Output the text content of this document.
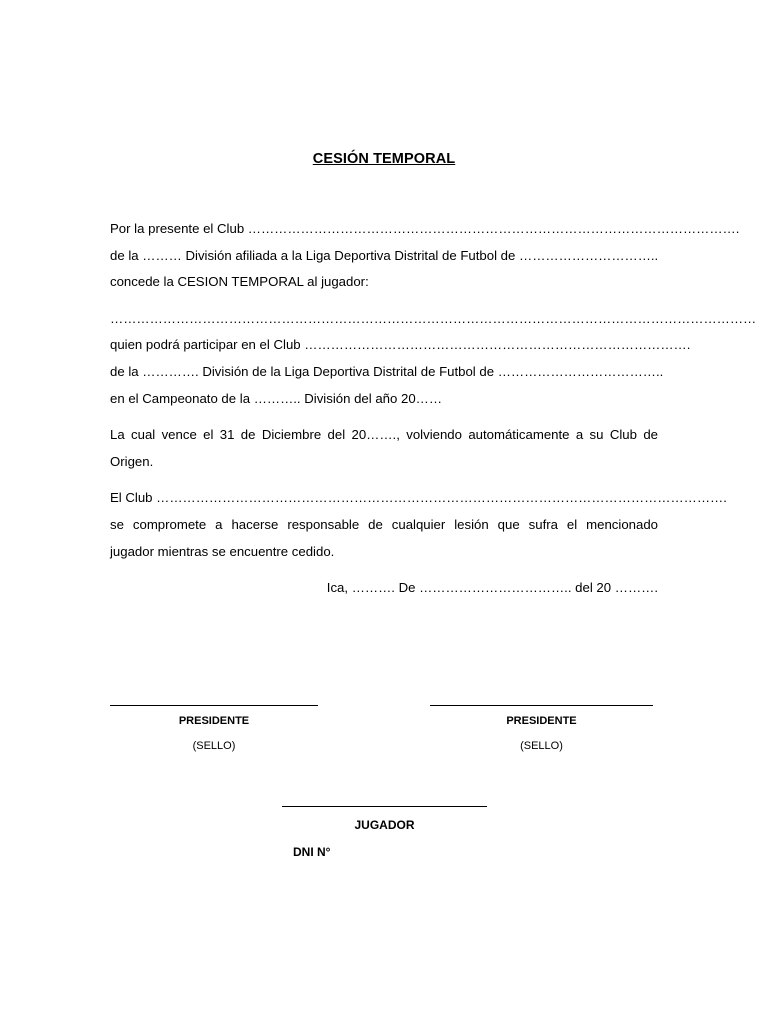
CESIÓN TEMPORAL
Por la presente el Club ………………………………………………………………………………………………….
de la ……… División afiliada a la Liga Deportiva Distrital de Futbol de …………………………..
concede la CESION TEMPORAL al jugador:
…………………………………………………………………………………………………………………………………
quien podrá participar en el Club …………………………………………………………………………….
de la …………. División de la Liga Deportiva Distrital de Futbol de ………………………………..
en el Campeonato de la ……….. División del año 20……
La cual vence el 31 de Diciembre del 20……., volviendo automáticamente a su Club de
Origen.
El Club ………………………………………………………………………………………………………………….
se compromete a hacerse responsable de cualquier lesión que sufra el mencionado
jugador mientras se encuentre cedido.
Ica, ………. De …………………………….. del 20 ……….
PRESIDENTE
(SELLO)
PRESIDENTE
(SELLO)
JUGADOR
DNI N°
